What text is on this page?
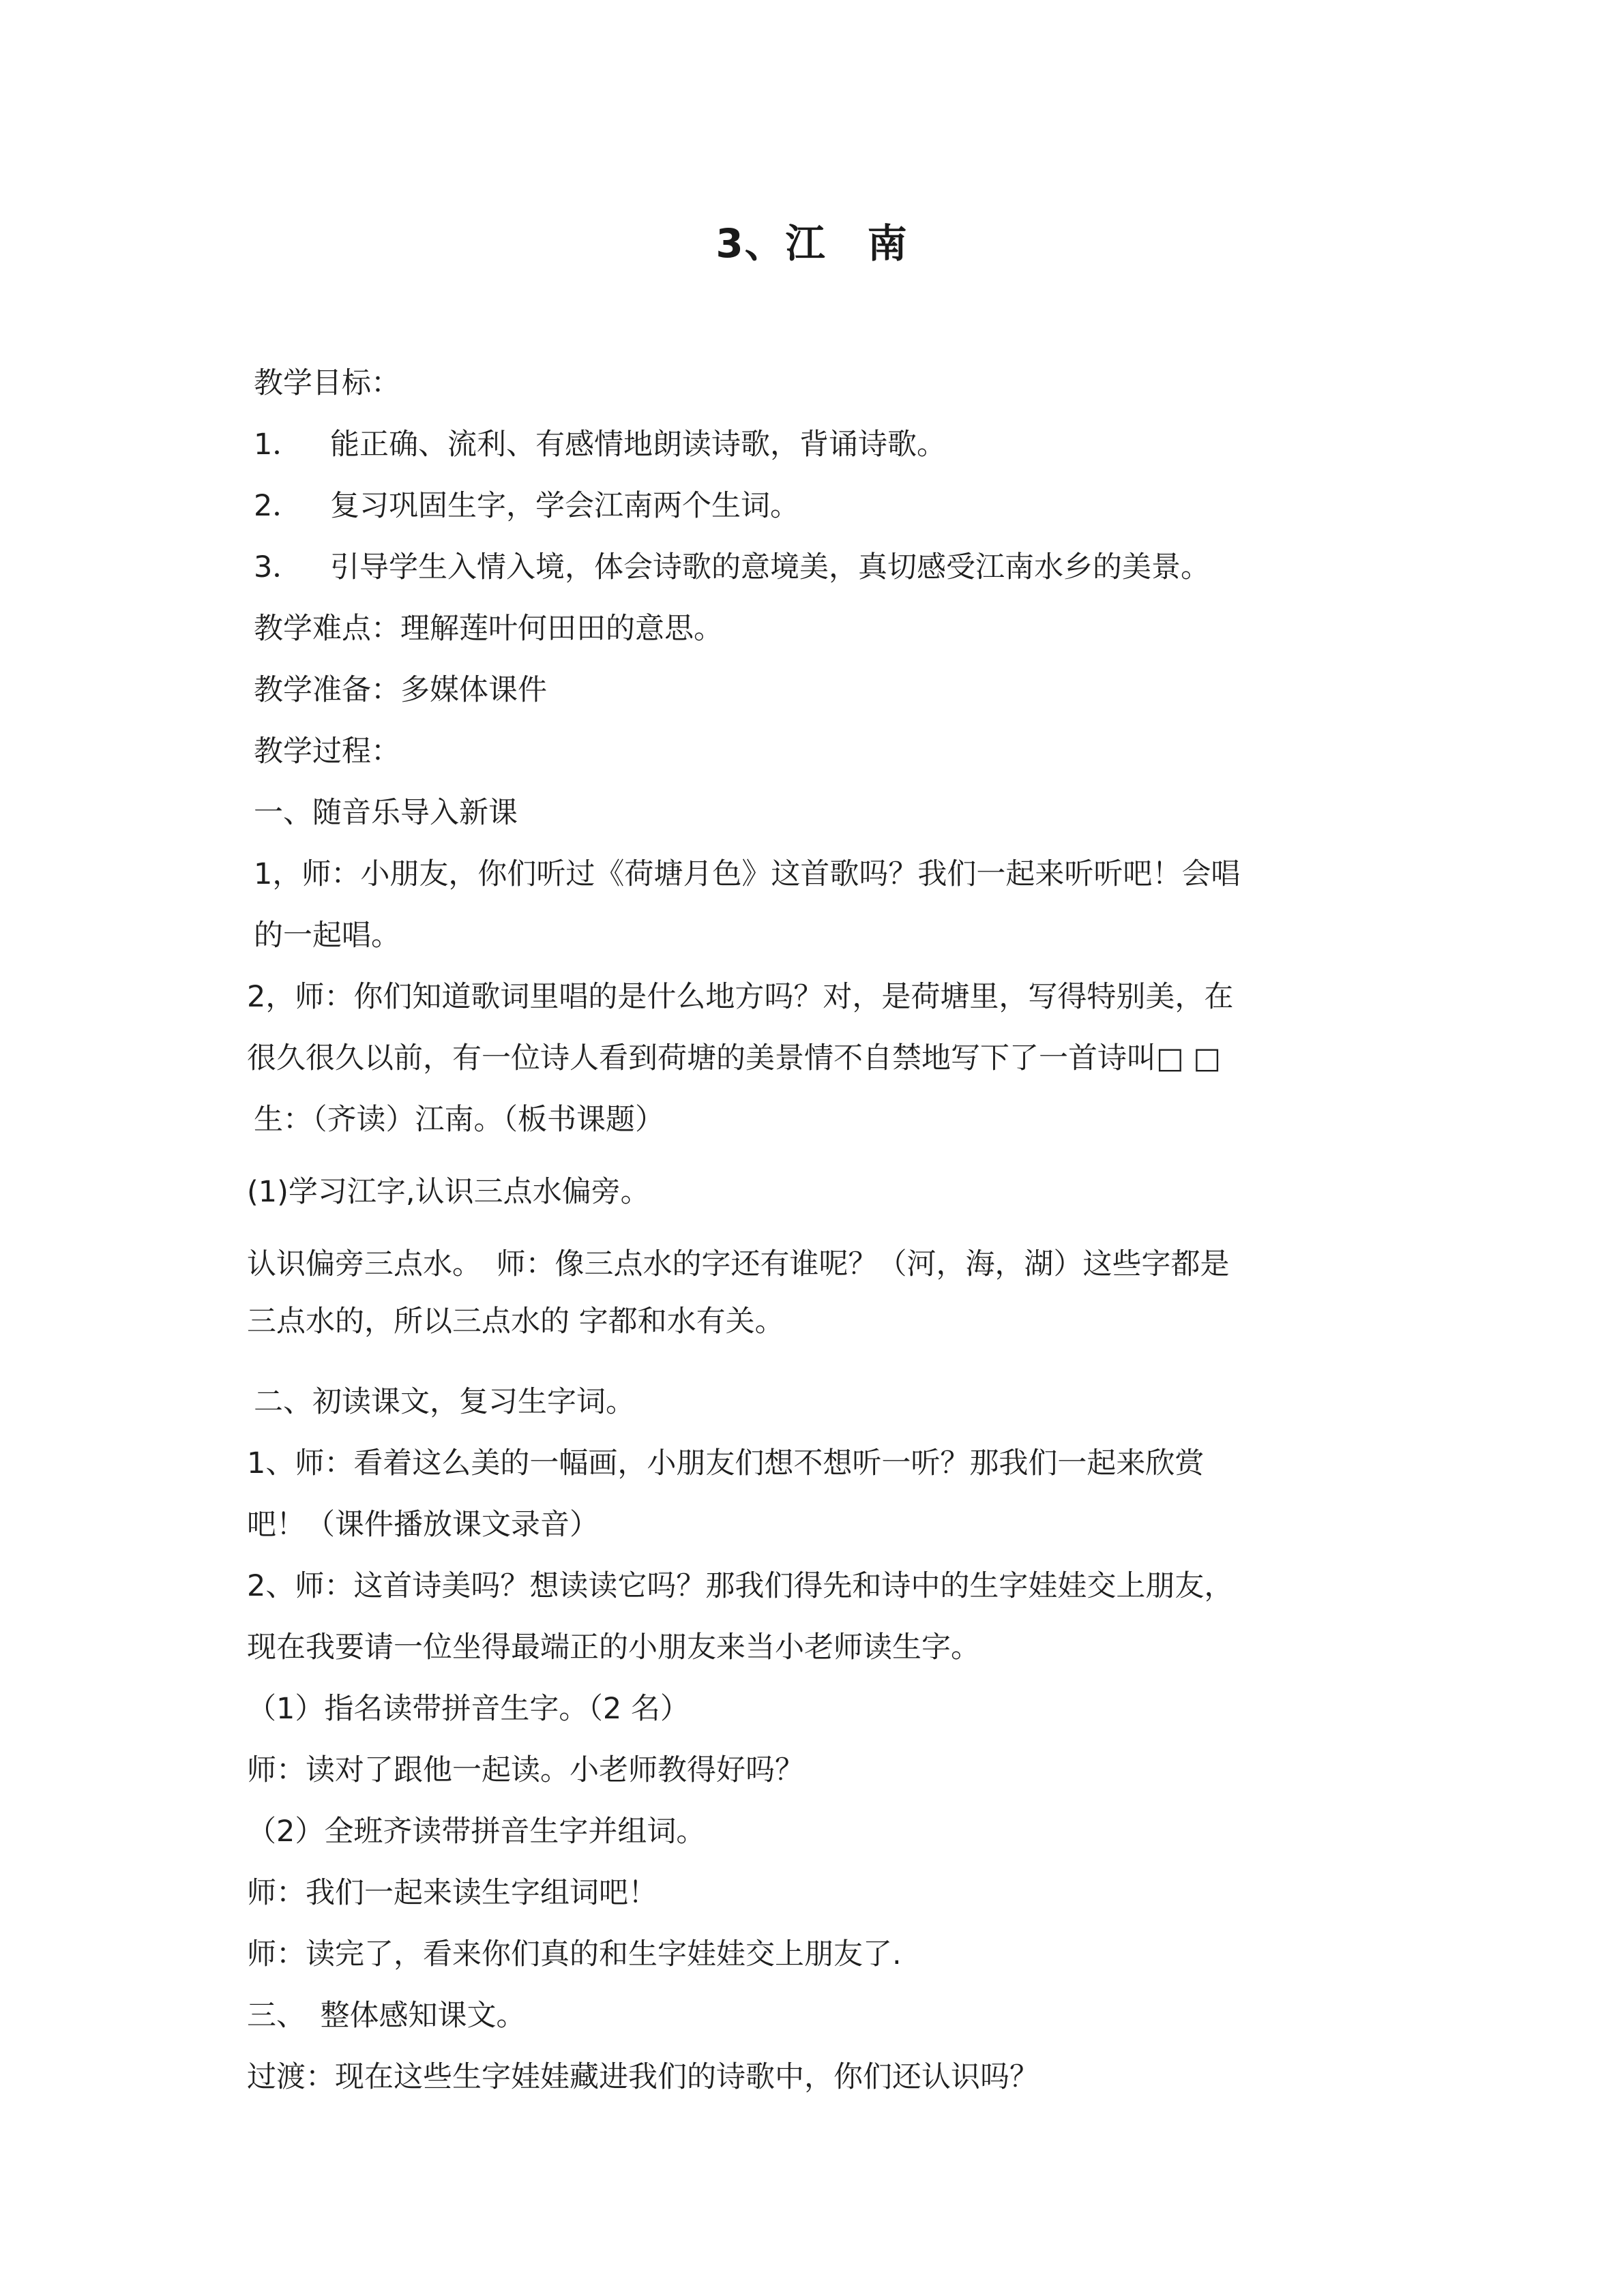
3、江　南
教学目标：
1． 能正确、流利、有感情地朗读诗歌，背诵诗歌。
2． 复习巩固生字，学会江南两个生词。
3． 引导学生入情入境，体会诗歌的意境美，真切感受江南水乡的美景。
教学难点：理解莲叶何田田的意思。
教学准备：多媒体课件
教学过程：
一、随音乐导入新课
1，师：小朋友，你们听过《荷塘月色》这首歌吗？我们一起来听听吧！会唱
的一起唱。
2，师：你们知道歌词里唱的是什么地方吗？对，是荷塘里，写得特别美，在
很久很久以前，有一位诗人看到荷塘的美景情不自禁地写下了一首诗叫□ □
生：（齐读）江南。（板书课题）
(1)学习江字,认识三点水偏旁。
认识偏旁三点水。　师：像三点水的字还有谁呢？（河，海，湖）这些字都是
三点水的，所以三点水的 字都和水有关。
二、初读课文，复习生字词。
1、师：看着这么美的一幅画，小朋友们想不想听一听？那我们一起来欣赏
吧！（课件播放课文录音）
2、师：这首诗美吗？想读读它吗？那我们得先和诗中的生字娃娃交上朋友，
现在我要请一位坐得最端正的小朋友来当小老师读生字。
（1）指名读带拼音生字。（2 名）
师：读对了跟他一起读。小老师教得好吗？
（2）全班齐读带拼音生字并组词。
师：我们一起来读生字组词吧！
师：读完了，看来你们真的和生字娃娃交上朋友了.
三、　整体感知课文。
过渡：现在这些生字娃娃藏进我们的诗歌中，你们还认识吗？
